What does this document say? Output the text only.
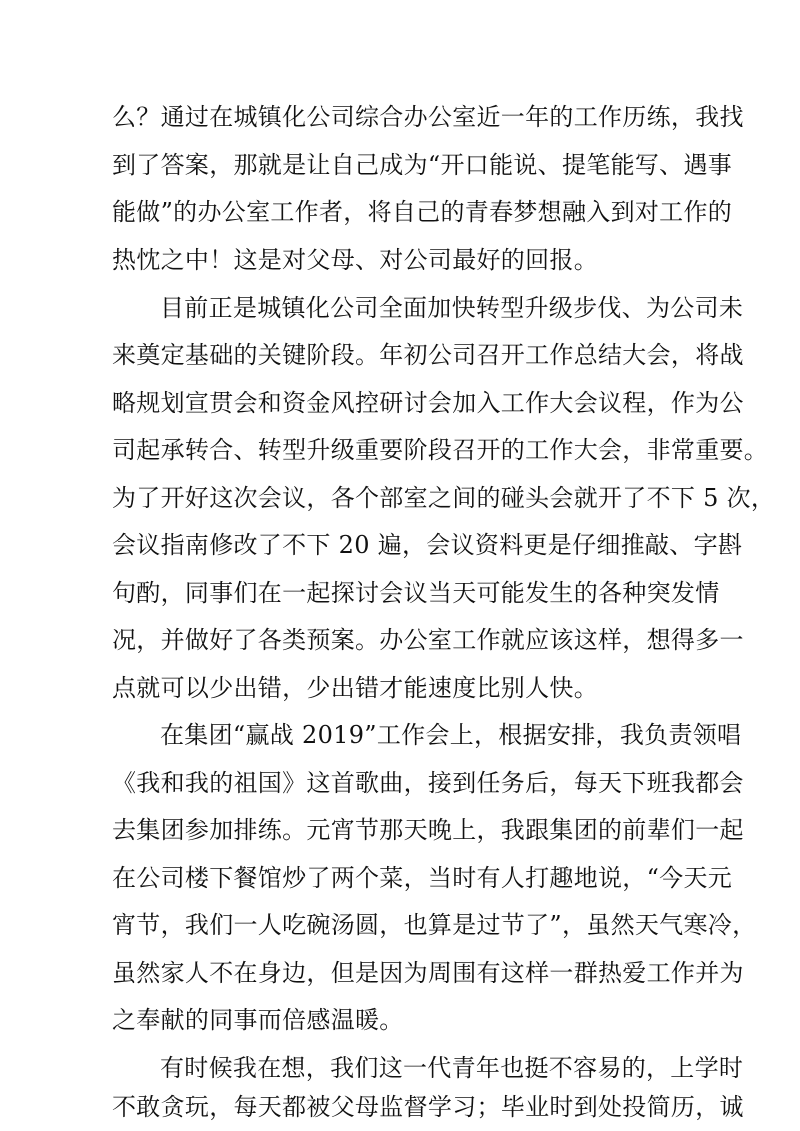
么？通过在城镇化公司综合办公室近一年的工作历练，我找

到了答案，那就是让自己成为“开口能说、提笔能写、遇事

能做”的办公室工作者，将自己的青春梦想融入到对工作的

热忱之中！这是对父母、对公司最好的回报。

目前正是城镇化公司全面加快转型升级步伐、为公司未

来奠定基础的关键阶段。年初公司召开工作总结大会，将战

略规划宣贯会和资金风控研讨会加入工作大会议程，作为公

司起承转合、转型升级重要阶段召开的工作大会，非常重要。

为了开好这次会议，各个部室之间的碰头会就开了不下 5 次，

会议指南修改了不下 20 遍，会议资料更是仔细推敲、字斟

句酌，同事们在一起探讨会议当天可能发生的各种突发情

况，并做好了各类预案。办公室工作就应该这样，想得多一

点就可以少出错，少出错才能速度比别人快。

在集团“赢战 2019”工作会上，根据安排，我负责领唱

《我和我的祖国》这首歌曲，接到任务后，每天下班我都会

去集团参加排练。元宵节那天晚上，我跟集团的前辈们一起

在公司楼下餐馆炒了两个菜，当时有人打趣地说，“今天元

宵节，我们一人吃碗汤圆，也算是过节了”，虽然天气寒冷，

虽然家人不在身边，但是因为周围有这样一群热爱工作并为

之奉献的同事而倍感温暖。

有时候我在想，我们这一代青年也挺不容易的，上学时

不敢贪玩，每天都被父母监督学习；毕业时到处投简历，诚
